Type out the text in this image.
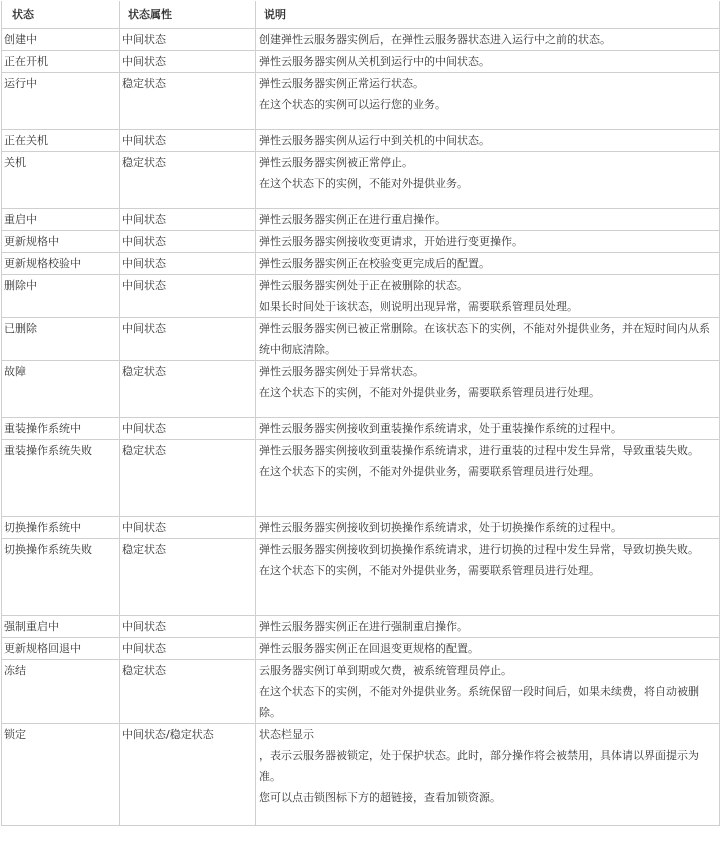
状态	状态属性	说明
创建中	中间状态	创建弹性云服务器实例后，在弹性云服务器状态进入运行中之前的状态。

正在开机	中间状态	弹性云服务器实例从关机到运行中的中间状态。

运行中	稳定状态	弹性云服务器实例正常运行状态。
在这个状态的实例可以运行您的业务。

正在关机	中间状态	弹性云服务器实例从运行中到关机的中间状态。

关机	稳定状态	弹性云服务器实例被正常停止。
在这个状态下的实例，不能对外提供业务。

重启中	中间状态	弹性云服务器实例正在进行重启操作。

更新规格中	中间状态	弹性云服务器实例接收变更请求，开始进行变更操作。

更新规格校验中	中间状态	弹性云服务器实例正在校验变更完成后的配置。

删除中	中间状态	弹性云服务器实例处于正在被删除的状态。
如果长时间处于该状态，则说明出现异常，需要联系管理员处理。

已删除	中间状态	弹性云服务器实例已被正常删除。在该状态下的实例，不能对外提供业务，并在短时间内从系统中彻底清除。

故障	稳定状态	弹性云服务器实例处于异常状态。
在这个状态下的实例，不能对外提供业务，需要联系管理员进行处理。

重装操作系统中	中间状态	弹性云服务器实例接收到重装操作系统请求，处于重装操作系统的过程中。

重装操作系统失败	稳定状态	弹性云服务器实例接收到重装操作系统请求，进行重装的过程中发生异常，导致重装失败。
在这个状态下的实例，不能对外提供业务，需要联系管理员进行处理。

切换操作系统中	中间状态	弹性云服务器实例接收到切换操作系统请求，处于切换操作系统的过程中。

切换操作系统失败	稳定状态	弹性云服务器实例接收到切换操作系统请求，进行切换的过程中发生异常，导致切换失败。
在这个状态下的实例，不能对外提供业务，需要联系管理员进行处理。

强制重启中	中间状态	弹性云服务器实例正在进行强制重启操作。

更新规格回退中	中间状态	弹性云服务器实例正在回退变更规格的配置。

冻结	稳定状态	云服务器实例订单到期或欠费，被系统管理员停止。
在这个状态下的实例，不能对外提供业务。系统保留一段时间后，如果未续费，将自动被删除。

锁定	中间状态/稳定状态	状态栏显示
，表示云服务器被锁定，处于保护状态。此时，部分操作将会被禁用，具体请以界面提示为准。
您可以点击锁图标下方的超链接，查看加锁资源。
